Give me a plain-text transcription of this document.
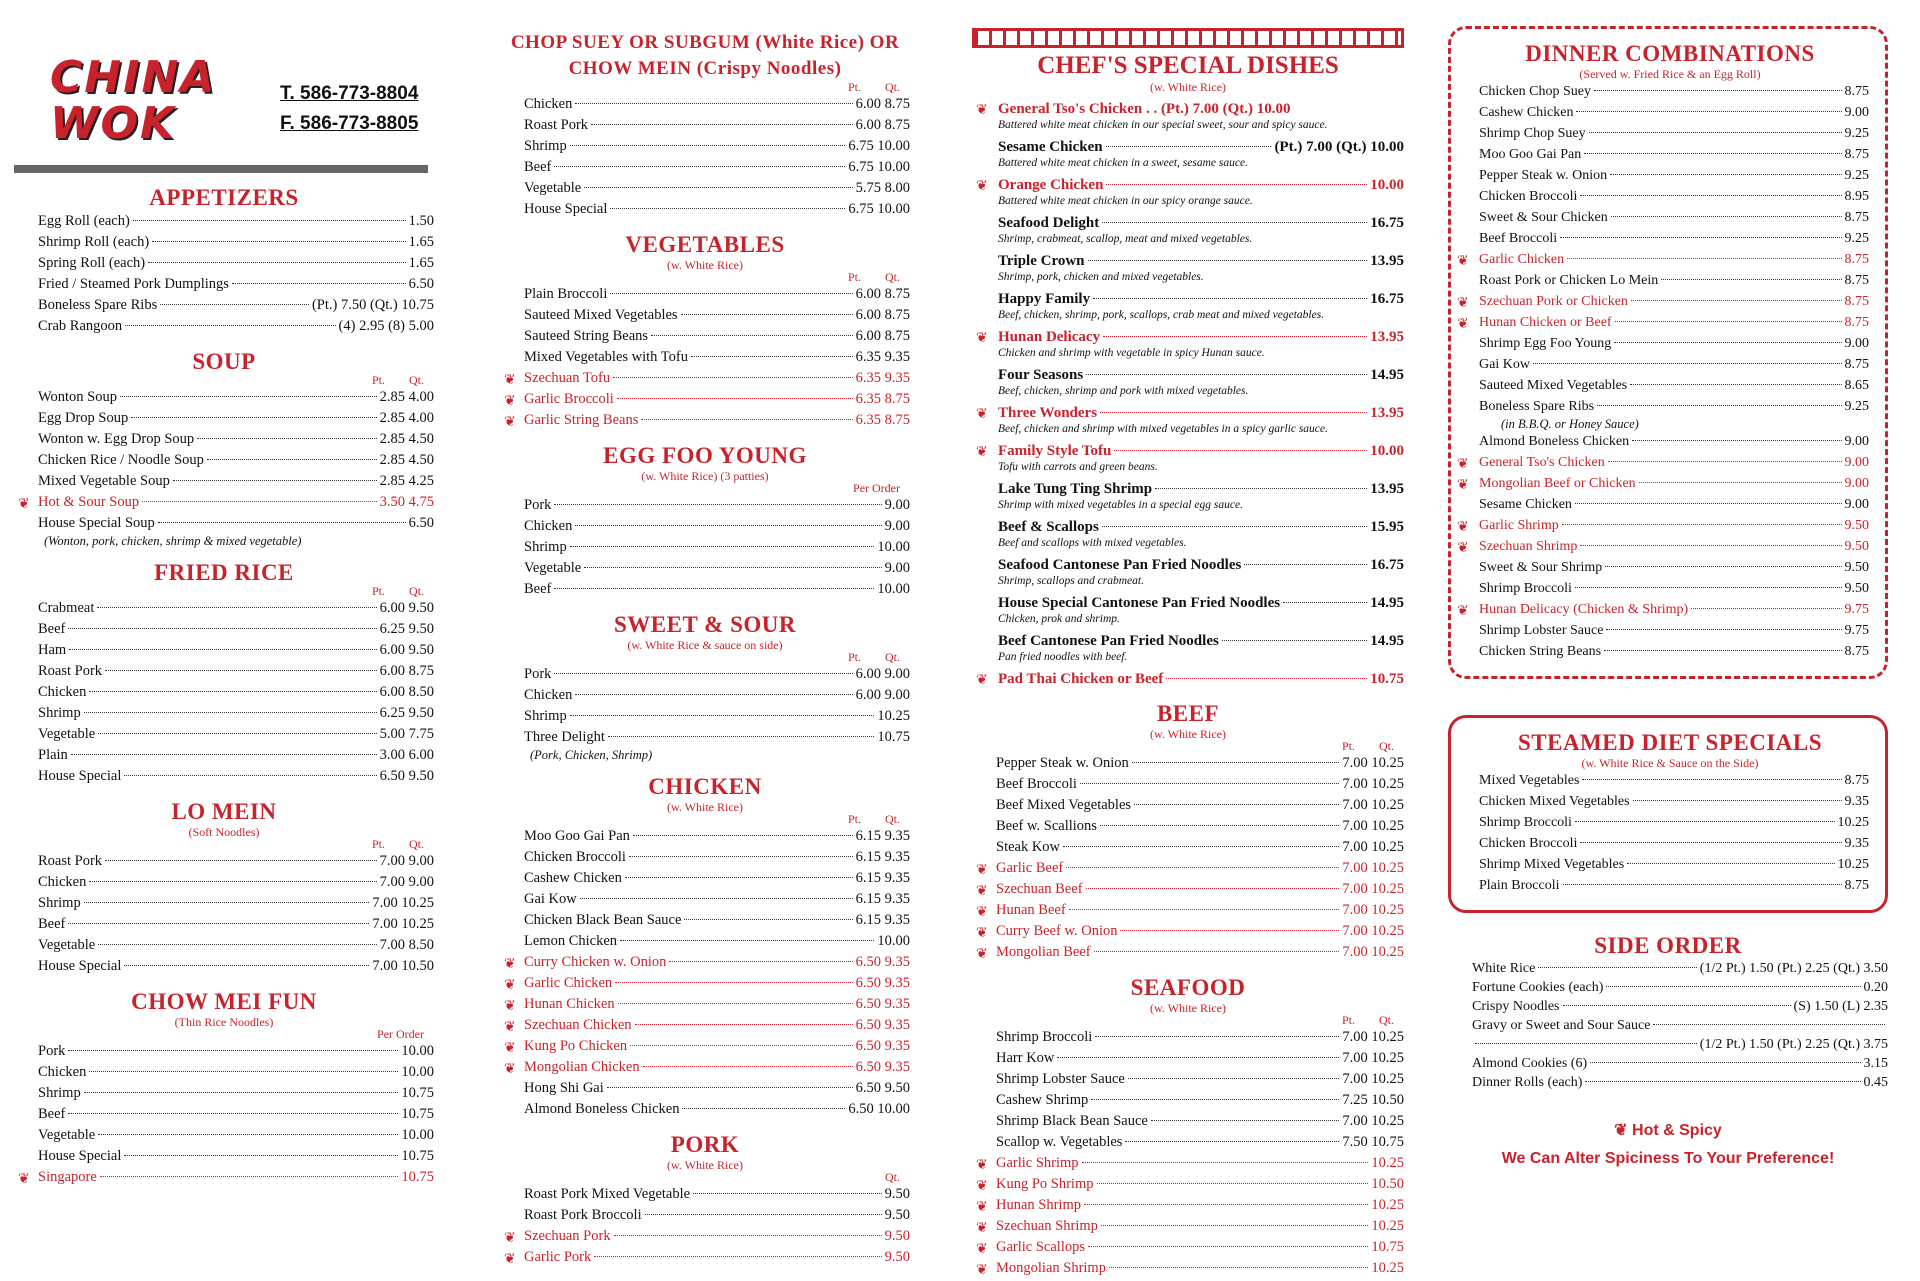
CHINA WOK
T. 586-773-8804
F. 586-773-8805
APPETIZERS
Egg Roll (each)	1.50
Shrimp Roll (each)	1.65
Spring Roll (each)	1.65
Fried / Steamed Pork Dumplings	6.50
Boneless Spare Ribs	(Pt.) 7.50 (Qt.) 10.75
Crab Rangoon	(4) 2.95 (8) 5.00
SOUP
Pt. Qt.
Wonton Soup	2.85 4.00
Egg Drop Soup	2.85 4.00
Wonton w. Egg Drop Soup	2.85 4.50
Chicken Rice / Noodle Soup	2.85 4.50
Mixed Vegetable Soup	2.85 4.25
❦ Hot & Sour Soup	3.50 4.75
House Special Soup	6.50
(Wonton, pork, chicken, shrimp & mixed vegetable)
FRIED RICE
Pt. Qt.
Crabmeat	6.00 9.50
Beef	6.25 9.50
Ham	6.00 9.50
Roast Pork	6.00 8.75
Chicken	6.00 8.50
Shrimp	6.25 9.50
Vegetable	5.00 7.75
Plain	3.00 6.00
House Special	6.50 9.50
LO MEIN
(Soft Noodles)
Pt. Qt.
Roast Pork	7.00 9.00
Chicken	7.00 9.00
Shrimp	7.00 10.25
Beef	7.00 10.25
Vegetable	7.00 8.50
House Special	7.00 10.50
CHOW MEI FUN
(Thin Rice Noodles)
Per Order
Pork	10.00
Chicken	10.00
Shrimp	10.75
Beef	10.75
Vegetable	10.00
House Special	10.75
❦ Singapore	10.75
CHOP SUEY OR SUBGUM (White Rice) OR CHOW MEIN (Crispy Noodles)
Pt. Qt.
Chicken	6.00 8.75
Roast Pork	6.00 8.75
Shrimp	6.75 10.00
Beef	6.75 10.00
Vegetable	5.75 8.00
House Special	6.75 10.00
VEGETABLES
(w. White Rice)
Pt. Qt.
Plain Broccoli	6.00 8.75
Sauteed Mixed Vegetables	6.00 8.75
Sauteed String Beans	6.00 8.75
Mixed Vegetables with Tofu	6.35 9.35
❦ Szechuan Tofu	6.35 9.35
❦ Garlic Broccoli	6.35 8.75
❦ Garlic String Beans	6.35 8.75
EGG FOO YOUNG
(w. White Rice) (3 patties)
Per Order
Pork	9.00
Chicken	9.00
Shrimp	10.00
Vegetable	9.00
Beef	10.00
SWEET & SOUR
(w. White Rice & sauce on side)
Pt. Qt.
Pork	6.00 9.00
Chicken	6.00 9.00
Shrimp	10.25
Three Delight	10.75
(Pork, Chicken, Shrimp)
CHICKEN
(w. White Rice)
Pt. Qt.
Moo Goo Gai Pan	6.15 9.35
Chicken Broccoli	6.15 9.35
Cashew Chicken	6.15 9.35
Gai Kow	6.15 9.35
Chicken Black Bean Sauce	6.15 9.35
Lemon Chicken	10.00
❦ Curry Chicken w. Onion	6.50 9.35
❦ Garlic Chicken	6.50 9.35
❦ Hunan Chicken	6.50 9.35
❦ Szechuan Chicken	6.50 9.35
❦ Kung Po Chicken	6.50 9.35
❦ Mongolian Chicken	6.50 9.35
Hong Shi Gai	6.50 9.50
Almond Boneless Chicken	6.50 10.00
PORK
(w. White Rice)
Qt.
Roast Pork Mixed Vegetable	9.50
Roast Pork Broccoli	9.50
❦ Szechuan Pork	9.50
❦ Garlic Pork	9.50
CHEF'S SPECIAL DISHES
(w. White Rice)
❦ General Tso's Chicken . . (Pt.) 7.00 (Qt.) 10.00
Battered white meat chicken in our special sweet, sour and spicy sauce.
Sesame Chicken	(Pt.) 7.00 (Qt.) 10.00
Battered white meat chicken in a sweet, sesame sauce.
❦ Orange Chicken	10.00
Battered white meat chicken in our spicy orange sauce.
Seafood Delight	16.75
Shrimp, crabmeat, scallop, meat and mixed vegetables.
Triple Crown	13.95
Shrimp, pork, chicken and mixed vegetables.
Happy Family	16.75
Beef, chicken, shrimp, pork, scallops, crab meat and mixed vegetables.
❦ Hunan Delicacy	13.95
Chicken and shrimp with vegetable in spicy Hunan sauce.
Four Seasons	14.95
Beef, chicken, shrimp and pork with mixed vegetables.
❦ Three Wonders	13.95
Beef, chicken and shrimp with mixed vegetables in a spicy garlic sauce.
❦ Family Style Tofu	10.00
Tofu with carrots and green beans.
Lake Tung Ting Shrimp	13.95
Shrimp with mixed vegetables in a special egg sauce.
Beef & Scallops	15.95
Beef and scallops with mixed vegetables.
Seafood Cantonese Pan Fried Noodles	16.75
Shrimp, scallops and crabmeat.
House Special Cantonese Pan Fried Noodles	14.95
Chicken, prok and shrimp.
Beef Cantonese Pan Fried Noodles	14.95
Pan fried noodles with beef.
❦ Pad Thai Chicken or Beef	10.75
BEEF
(w. White Rice)
Pt. Qt.
Pepper Steak w. Onion	7.00 10.25
Beef Broccoli	7.00 10.25
Beef Mixed Vegetables	7.00 10.25
Beef w. Scallions	7.00 10.25
Steak Kow	7.00 10.25
❦ Garlic Beef	7.00 10.25
❦ Szechuan Beef	7.00 10.25
❦ Hunan Beef	7.00 10.25
❦ Curry Beef w. Onion	7.00 10.25
❦ Mongolian Beef	7.00 10.25
SEAFOOD
(w. White Rice)
Pt. Qt.
Shrimp Broccoli	7.00 10.25
Harr Kow	7.00 10.25
Shrimp Lobster Sauce	7.00 10.25
Cashew Shrimp	7.25 10.50
Shrimp Black Bean Sauce	7.00 10.25
Scallop w. Vegetables	7.50 10.75
❦ Garlic Shrimp	10.25
❦ Kung Po Shrimp	10.50
❦ Hunan Shrimp	10.25
❦ Szechuan Shrimp	10.25
❦ Garlic Scallops	10.75
❦ Mongolian Shrimp	10.25
DINNER COMBINATIONS
(Served w. Fried Rice & an Egg Roll)
Chicken Chop Suey	8.75
Cashew Chicken	9.00
Shrimp Chop Suey	9.25
Moo Goo Gai Pan	8.75
Pepper Steak w. Onion	9.25
Chicken Broccoli	8.95
Sweet & Sour Chicken	8.75
Beef Broccoli	9.25
❦ Garlic Chicken	8.75
Roast Pork or Chicken Lo Mein	8.75
❦ Szechuan Pork or Chicken	8.75
❦ Hunan Chicken or Beef	8.75
Shrimp Egg Foo Young	9.00
Gai Kow	8.75
Sauteed Mixed Vegetables	8.65
Boneless Spare Ribs	9.25
(in B.B.Q. or Honey Sauce)
Almond Boneless Chicken	9.00
❦ General Tso's Chicken	9.00
❦ Mongolian Beef or Chicken	9.00
Sesame Chicken	9.00
❦ Garlic Shrimp	9.50
❦ Szechuan Shrimp	9.50
Sweet & Sour Shrimp	9.50
Shrimp Broccoli	9.50
❦ Hunan Delicacy (Chicken & Shrimp)	9.75
Shrimp Lobster Sauce	9.75
Chicken String Beans	8.75
STEAMED DIET SPECIALS
(w. White Rice & Sauce on the Side)
Mixed Vegetables	8.75
Chicken Mixed Vegetables	9.35
Shrimp Broccoli	10.25
Chicken Broccoli	9.35
Shrimp Mixed Vegetables	10.25
Plain Broccoli	8.75
SIDE ORDER
White Rice	(1/2 Pt.) 1.50 (Pt.) 2.25 (Qt.) 3.50
Fortune Cookies (each)	0.20
Crispy Noodles	(S) 1.50 (L) 2.35
Gravy or Sweet and Sour Sauce
(1/2 Pt.) 1.50 (Pt.) 2.25 (Qt.) 3.75
Almond Cookies (6)	3.15
Dinner Rolls (each)	0.45
❦ Hot & Spicy
We Can Alter Spiciness To Your Preference!
